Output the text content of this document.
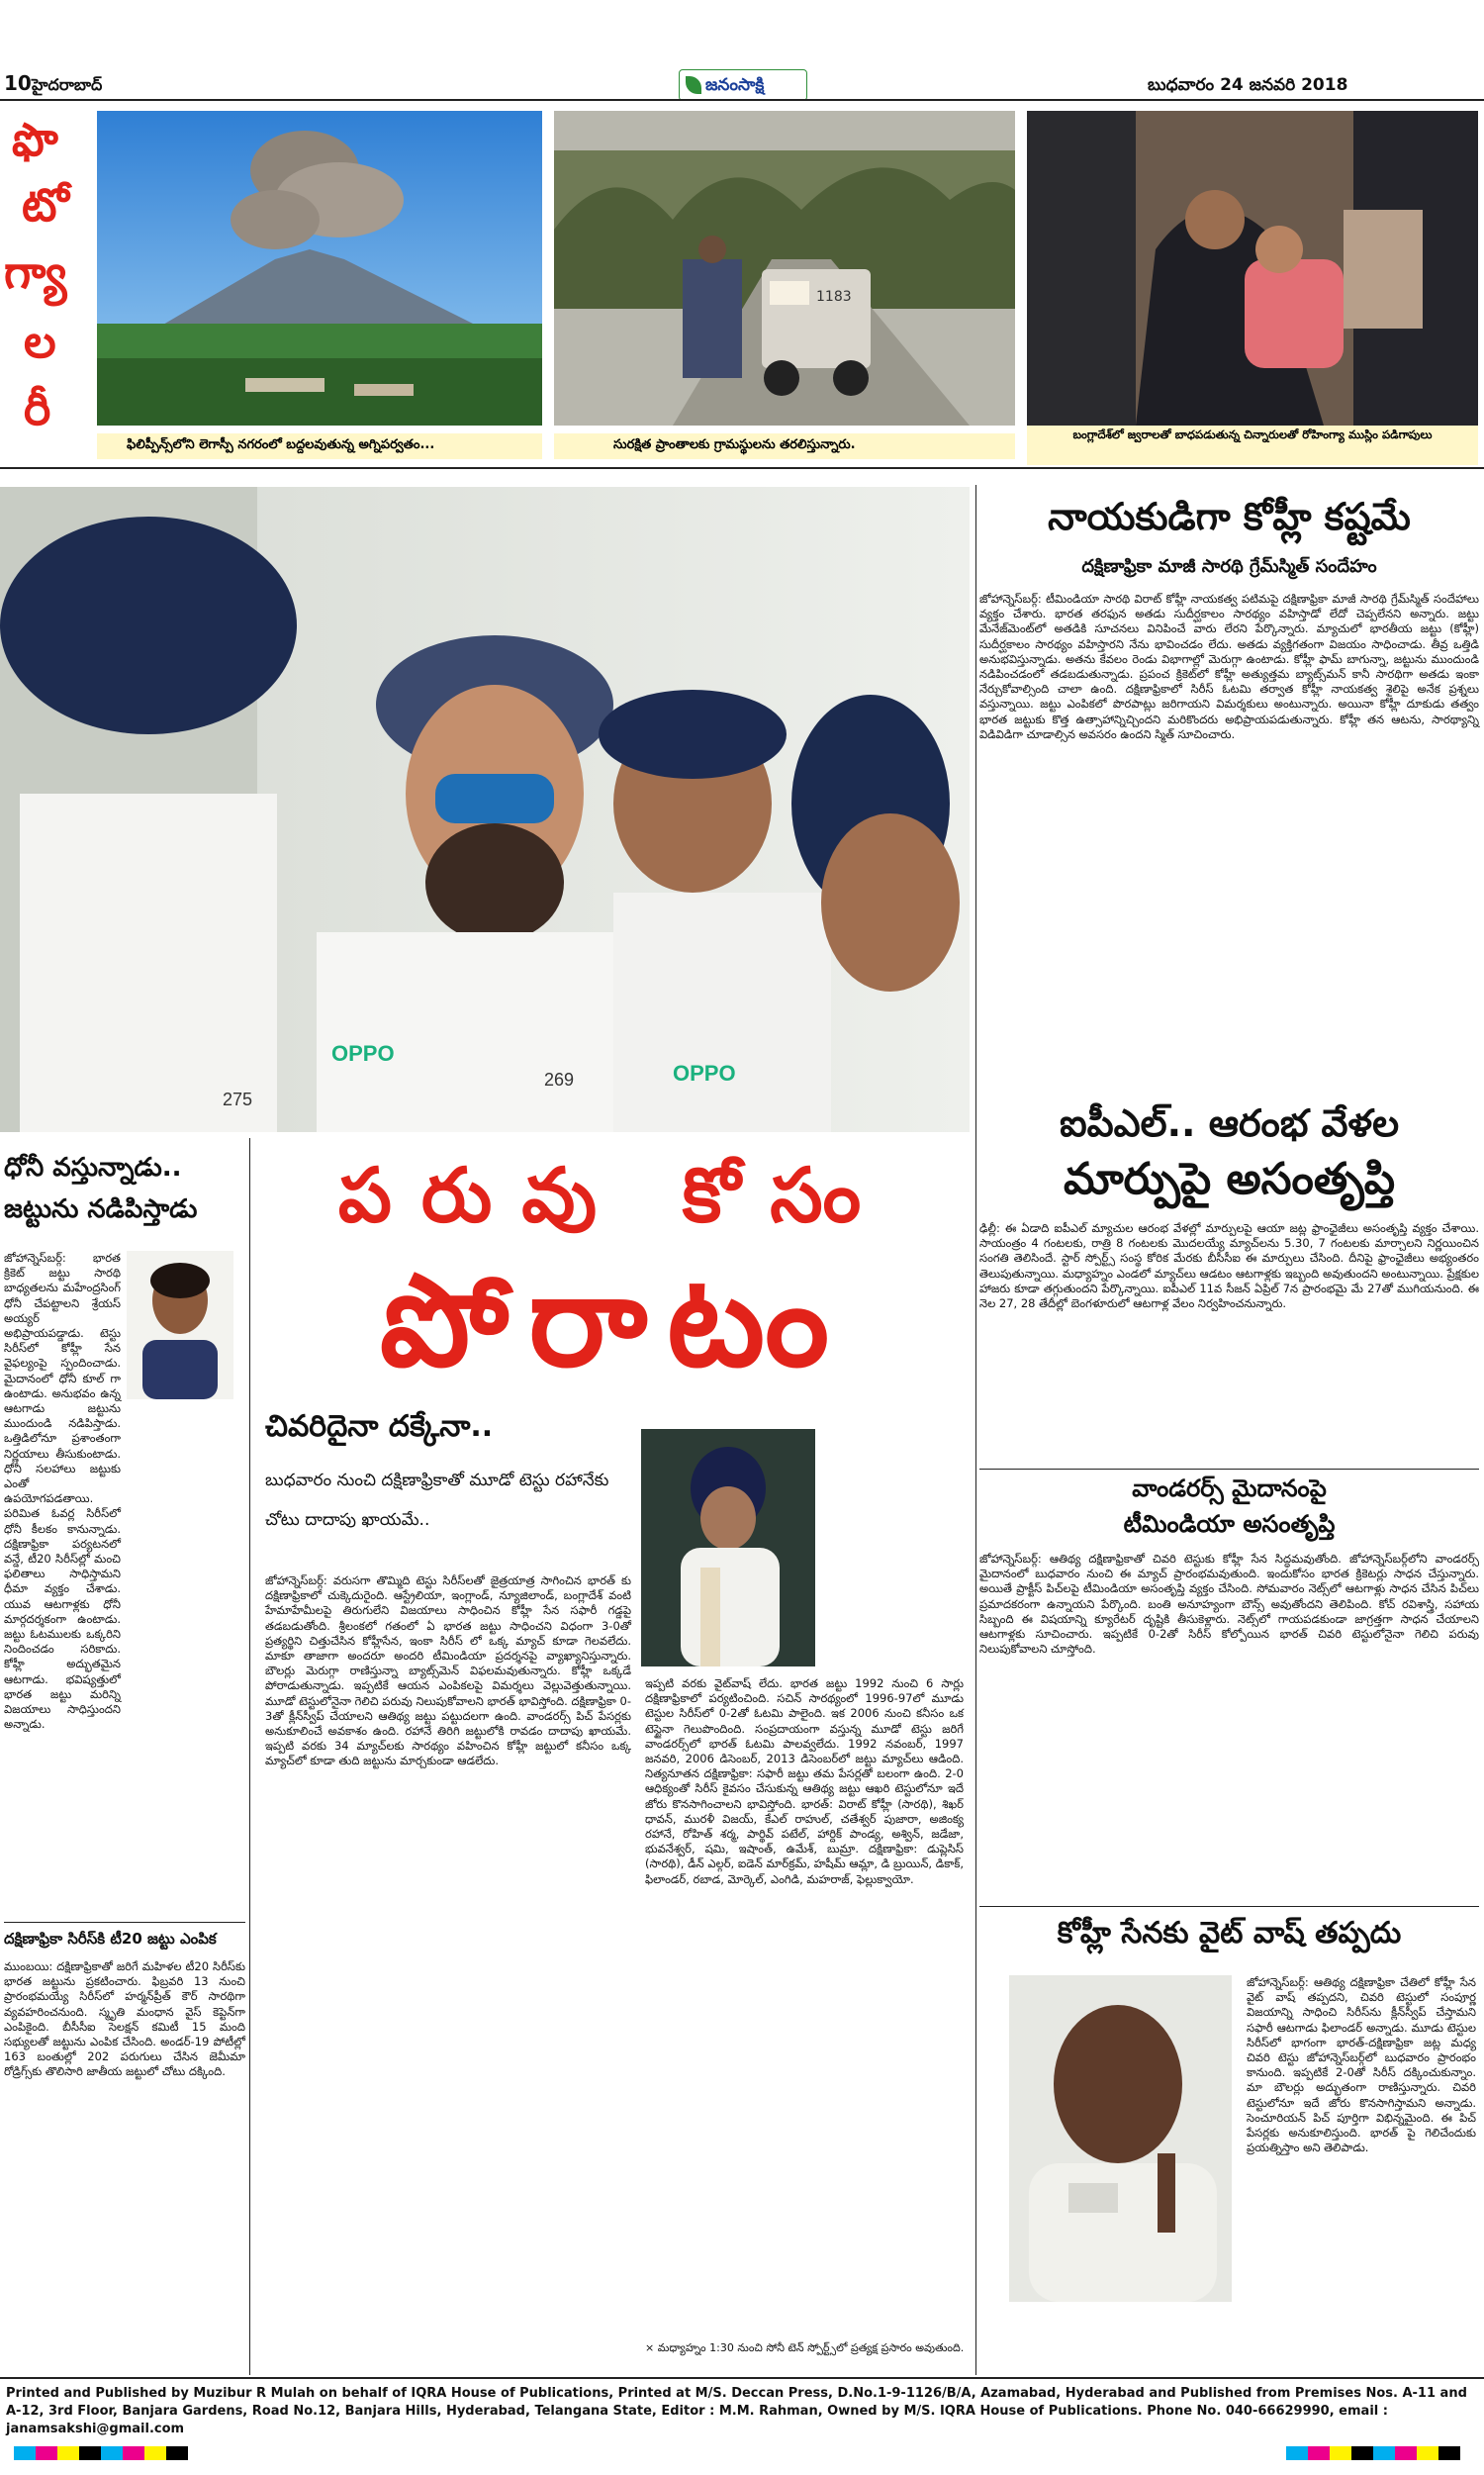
10 హైదరాబాద్	జనంసాక్షి	బుధవారం 24 జనవరి 2018
ఫొ
టో
గ్యా
ల
రీ
1183
ఫిలిప్పీన్స్‌లోని లెగాస్పీ నగరంలో బద్దలవుతున్న అగ్నిపర్వతం...	సురక్షిత ప్రాంతాలకు గ్రామస్థులను తరలిస్తున్నారు.
బంగ్లాదేశ్‌లో జ్వరాలతో బాధపడుతున్న చిన్నారులతో రోహింగ్యా ముస్లిం పడిగాపులు
269
275
OPPO
OPPO
నాయకుడిగా కోహ్లీ కష్టమే
దక్షిణాఫ్రికా మాజీ సారథి గ్రేమ్‌స్మిత్ సందేహం
జోహాన్నెస్‌బర్గ్‌: టీమిండియా సారథి విరాట్ కోహ్లీ నాయకత్వ పటిమపై దక్షిణాఫ్రికా మాజీ సారథి గ్రేమ్‌స్మిత్ సందేహాలు వ్యక్తం చేశారు. భారత తరఫున అతడు సుదీర్ఘకాలం సారథ్యం వహిస్తాడో లేదో చెప్పలేనని అన్నారు. జట్టు మేనేజ్‌మెంట్‌లో అతడికి సూచనలు వినిపించే వారు లేరని పేర్కొన్నారు. మ్యాచులో భారతీయ జట్టు (కోహ్లీ) సుదీర్ఘకాలం సారథ్యం వహిస్తారని నేను భావించడం లేదు. అతడు వ్యక్తిగతంగా విజయం సాధించాడు. తీవ్ర ఒత్తిడి అనుభవిస్తున్నాడు. అతను కేవలం రెండు విభాగాల్లో మెరుగ్గా ఉంటాడు. కోహ్లీ ఫామ్ బాగున్నా, జట్టును ముందుండి నడిపించడంలో తడబడుతున్నాడు. ప్రపంచ క్రికెట్‌లో కోహ్లీ అత్యుత్తమ బ్యాట్స్‌మన్ కానీ సారథిగా అతడు ఇంకా నేర్చుకోవాల్సింది చాలా ఉంది. దక్షిణాఫ్రికాలో సిరీస్ ఓటమి తర్వాత కోహ్లీ నాయకత్వ శైలిపై అనేక ప్రశ్నలు వస్తున్నాయి. జట్టు ఎంపికలో పొరపాట్లు జరిగాయని విమర్శకులు అంటున్నారు. అయినా కోహ్లీ దూకుడు తత్వం భారత జట్టుకు కొత్త ఉత్సాహాన్నిచ్చిందని మరికొందరు అభిప్రాయపడుతున్నారు. కోహ్లీ తన ఆటను, సారథ్యాన్ని విడివిడిగా చూడాల్సిన అవసరం ఉందని స్మిత్ సూచించారు.
ఐపీఎల్.. ఆరంభ వేళల
మార్పుపై అసంతృప్తి
ఢిల్లీ: ఈ ఏడాది ఐపీఎల్ మ్యాచుల ఆరంభ వేళల్లో మార్పులపై ఆయా జట్ల ఫ్రాంఛైజీలు అసంతృప్తి వ్యక్తం చేశాయి. సాయంత్రం 4 గంటలకు, రాత్రి 8 గంటలకు మొదలయ్యే మ్యాచ్‌లను 5.30, 7 గంటలకు మార్చాలని నిర్ణయించిన సంగతి తెలిసిందే. స్టార్ స్పోర్ట్స్ సంస్థ కోరిక మేరకు బీసీసీఐ ఈ మార్పులు చేసింది. దీనిపై ఫ్రాంఛైజీలు అభ్యంతరం తెలుపుతున్నాయి. మధ్యాహ్నం ఎండలో మ్యాచ్‌లు ఆడటం ఆటగాళ్లకు ఇబ్బంది అవుతుందని అంటున్నాయి. ప్రేక్షకుల హాజరు కూడా తగ్గుతుందని పేర్కొన్నాయి. ఐపీఎల్ 11వ సీజన్ ఏప్రిల్ 7న ప్రారంభమై మే 27తో ముగియనుంది. ఈ నెల 27, 28 తేదీల్లో బెంగళూరులో ఆటగాళ్ల వేలం నిర్వహించనున్నారు.
వాండరర్స్ మైదానంపై
టీమిండియా అసంతృప్తి
జోహాన్నెస్‌బర్గ్‌: ఆతిథ్య దక్షిణాఫ్రికాతో చివరి టెస్టుకు కోహ్లీ సేన సిద్ధమవుతోంది. జోహాన్నెస్‌బర్గ్‌లోని వాండరర్స్ మైదానంలో బుధవారం నుంచి ఈ మ్యాచ్ ప్రారంభమవుతుంది. ఇందుకోసం భారత క్రికెటర్లు సాధన చేస్తున్నారు. అయితే ప్రాక్టీస్ పిచ్‌లపై టీమిండియా అసంతృప్తి వ్యక్తం చేసింది. సోమవారం నెట్స్‌లో ఆటగాళ్లు సాధన చేసిన పిచ్‌లు ప్రమాదకరంగా ఉన్నాయని పేర్కొంది. బంతి అనూహ్యంగా బౌన్స్ అవుతోందని తెలిపింది. కోచ్ రవిశాస్త్రి, సహాయ సిబ్బంది ఈ విషయాన్ని క్యూరేటర్ దృష్టికి తీసుకెళ్లారు. నెట్స్‌లో గాయపడకుండా జాగ్రత్తగా సాధన చేయాలని ఆటగాళ్లకు సూచించారు. ఇప్పటికే 0-2తో సిరీస్ కోల్పోయిన భారత్ చివరి టెస్టులోనైనా గెలిచి పరువు నిలుపుకోవాలని చూస్తోంది.
కోహ్లీ సేనకు వైట్ వాష్ తప్పదు
జోహాన్నెస్‌బర్గ్‌: ఆతిథ్య దక్షిణాఫ్రికా చేతిలో కోహ్లీ సేన వైట్ వాష్ తప్పదని, చివరి టెస్టులో సంపూర్ణ విజయాన్ని సాధించి సిరీస్‌ను క్లీన్‌స్వీప్ చేస్తామని సఫారీ ఆటగాడు ఫిలాండర్ అన్నాడు. మూడు టెస్టుల సిరీస్‌లో భాగంగా భారత్-దక్షిణాఫ్రికా జట్ల మధ్య చివరి టెస్టు జోహాన్నెస్‌బర్గ్‌లో బుధవారం ప్రారంభం కానుంది. ఇప్పటికే 2-0తో సిరీస్ దక్కించుకున్నాం. మా బౌలర్లు అద్భుతంగా రాణిస్తున్నారు. చివరి టెస్టులోనూ ఇదే జోరు కొనసాగిస్తామని అన్నాడు. సెంచూరియన్ పిచ్ పూర్తిగా విభిన్నమైంది. ఈ పిచ్ పేసర్లకు అనుకూలిస్తుంది. భారత్ పై గెలిచేందుకు ప్రయత్నిస్తాం అని తెలిపాడు.
పరువు కోసం
పోరాటం
చివరిదైనా దక్కేనా..
బుధవారం నుంచి దక్షిణాఫ్రికాతో మూడో టెస్టు రహానేకు చోటు దాదాపు ఖాయమే..
జోహాన్నెస్‌బర్గ్‌: వరుసగా తొమ్మిది టెస్టు సిరీస్‌లతో జైత్రయాత్ర సాగించిన భారత్ కు దక్షిణాఫ్రికాలో చుక్కెదురైంది. ఆస్ట్రేలియా, ఇంగ్లాండ్, న్యూజిలాండ్, బంగ్లాదేశ్ వంటి హేమాహేమీలపై తిరుగులేని విజయాలు సాధించిన కోహ్లీ సేన సఫారీ గడ్డపై తడబడుతోంది. శ్రీలంకలో గతంలో ఏ భారత జట్టు సాధించని విధంగా 3-0తో ప్రత్యర్థిని చిత్తుచేసిన కోహ్లీసేన, ఇంకా సిరీస్ లో ఒక్క మ్యాచ్ కూడా గెలవలేదు. మాకూ తాజాగా అందరూ అందరి టీమిండియా ప్రదర్శనపై వ్యాఖ్యానిస్తున్నారు. బౌలర్లు మెరుగ్గా రాణిస్తున్నా బ్యాట్స్‌మెన్ విఫలమవుతున్నారు. కోహ్లీ ఒక్కడే పోరాడుతున్నాడు. ఇప్పటికే ఆయన ఎంపికలపై విమర్శలు వెల్లువెత్తుతున్నాయి. మూడో టెస్టులోనైనా గెలిచి పరువు నిలుపుకోవాలని భారత్ భావిస్తోంది. దక్షిణాఫ్రికా 0-3తో క్లీన్‌స్వీప్ చేయాలని ఆతిథ్య జట్టు పట్టుదలగా ఉంది. వాండరర్స్ పిచ్ పేసర్లకు అనుకూలించే అవకాశం ఉంది. రహానే తిరిగి జట్టులోకి రావడం దాదాపు ఖాయమే. ఇప్పటి వరకు 34 మ్యాచ్‌లకు సారథ్యం వహించిన కోహ్లీ జట్టులో కనీసం ఒక్క మ్యాచ్‌లో కూడా తుది జట్టును మార్చకుండా ఆడలేదు.
ఇప్పటి వరకు వైట్‌వాష్ లేదు. భారత జట్టు 1992 నుంచి 6 సార్లు దక్షిణాఫ్రికాలో పర్యటించింది. సచిన్ సారథ్యంలో 1996-97లో మూడు టెస్టుల సిరీస్‌లో 0-2తో ఓటమి పాలైంది. ఇక 2006 నుంచి కనీసం ఒక టెస్టైనా గెలుపొందింది. సంప్రదాయంగా వస్తున్న మూడో టెస్టు జరిగే వాండరర్స్‌లో భారత్ ఓటమి పాలవ్వలేదు. 1992 నవంబర్, 1997 జనవరి, 2006 డిసెంబర్, 2013 డిసెంబర్‌లో జట్టు మ్యాచ్‌లు ఆడింది. నిత్యనూతన దక్షిణాఫ్రికా: సఫారీ జట్టు తమ పేసర్లతో బలంగా ఉంది. 2-0 ఆధిక్యంతో సిరీస్ కైవసం చేసుకున్న ఆతిథ్య జట్టు ఆఖరి టెస్టులోనూ ఇదే జోరు కొనసాగించాలని భావిస్తోంది. భారత్: విరాట్ కోహ్లీ (సారథి), శిఖర్ ధావన్, మురళీ విజయ్, కేఎల్ రాహుల్, చతేశ్వర్ పుజారా, అజింక్య రహానే, రోహిత్ శర్మ, పార్థివ్ పటేల్, హార్దిక్ పాండ్య, అశ్విన్, జడేజా, భువనేశ్వర్, షమి, ఇషాంత్, ఉమేశ్, బుమ్రా. దక్షిణాఫ్రికా: డుప్లెసిస్ (సారథి), డీన్ ఎల్గర్, ఐడెన్ మార్‌క్రమ్, హషీమ్ ఆమ్లా, డి బ్రుయిన్, డికాక్, ఫిలాండర్, రబాడ, మోర్కెల్, ఎంగిడి, మహరాజ్, ఫెల్లుక్వాయో.
× మధ్యాహ్నం 1:30 నుంచి సోనీ టెన్ స్పోర్ట్స్‌లో ప్రత్యక్ష ప్రసారం అవుతుంది.
ధోనీ వస్తున్నాడు..
జట్టును నడిపిస్తాడు
జోహాన్నెస్‌బర్గ్‌: భారత క్రికెట్ జట్టు సారథి బాధ్యతలను మహేంద్రసింగ్ ధోనీ చేపట్టాలని శ్రేయస్ అయ్యర్ అభిప్రాయపడ్డాడు. టెస్టు సిరీస్‌లో కోహ్లీ సేన వైఫల్యంపై స్పందించాడు. మైదానంలో ధోనీ కూల్ గా ఉంటాడు. అనుభవం ఉన్న ఆటగాడు జట్టును ముందుండి నడిపిస్తాడు. ఒత్తిడిలోనూ ప్రశాంతంగా నిర్ణయాలు తీసుకుంటాడు. ధోనీ సలహాలు జట్టుకు ఎంతో ఉపయోగపడతాయి. పరిమిత ఓవర్ల సిరీస్‌లో ధోనీ కీలకం కానున్నాడు. దక్షిణాఫ్రికా పర్యటనలో వన్డే, టీ20 సిరీస్‌ల్లో మంచి ఫలితాలు సాధిస్తామని ధీమా వ్యక్తం చేశాడు. యువ ఆటగాళ్లకు ధోనీ మార్గదర్శకంగా ఉంటాడు. జట్టు ఓటములకు ఒక్కరిని నిందించడం సరికాదు. కోహ్లీ అద్భుతమైన ఆటగాడు. భవిష్యత్తులో భారత జట్టు మరిన్ని విజయాలు సాధిస్తుందని అన్నాడు.
దక్షిణాఫ్రికా సిరీస్‌కి టీ20 జట్టు ఎంపిక
ముంబయి: దక్షిణాఫ్రికాతో జరిగే మహిళల టీ20 సిరీస్‌కు భారత జట్టును ప్రకటించారు. ఫిబ్రవరి 13 నుంచి ప్రారంభమయ్యే సిరీస్‌లో హర్మన్‌ప్రీత్ కౌర్ సారథిగా వ్యవహరించనుంది. స్మృతి మంధాన వైస్ కెప్టెన్‌గా ఎంపికైంది. బీసీసీఐ సెలక్షన్ కమిటీ 15 మంది సభ్యులతో జట్టును ఎంపిక చేసింది. అండర్-19 పోటీల్లో 163 బంతుల్లో 202 పరుగులు చేసిన జెమీమా రోడ్రిగ్స్‌కు తొలిసారి జాతీయ జట్టులో చోటు దక్కింది.
Printed and Published by Muzibur R Mulah on behalf of IQRA House of Publications, Printed at M/S. Deccan Press, D.No.1-9-1126/B/A, Azamabad, Hyderabad and Published from Premises Nos. A-11 and A-12, 3rd Floor, Banjara Gardens, Road No.12, Banjara Hills, Hyderabad, Telangana State, Editor : M.M. Rahman, Owned by M/S. IQRA House of Publications. Phone No. 040-66629990, email : janamsakshi@gmail.com
